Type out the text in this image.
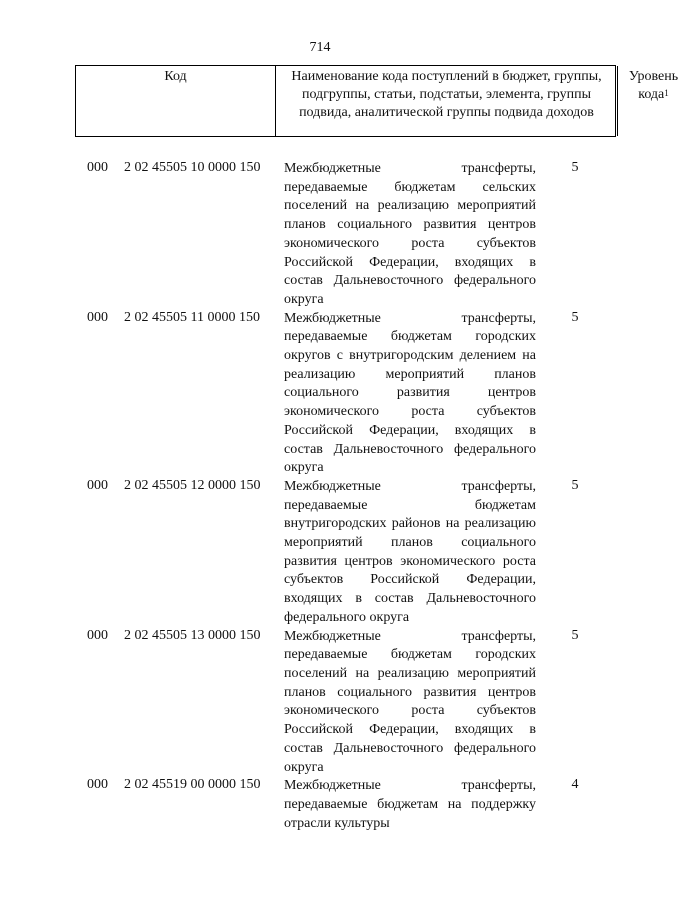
714
Код	Наименование кода поступлений в бюджет, группы, подгруппы, статьи, подстатьи, элемента, группы подвида, аналитической группы подвида доходов
Уровень кода$^1$
000 2 02 45505 10 0000 150 Межбюджетные трансферты, передаваемые бюджетам сельских поселений на реализацию мероприятий планов социального развития центров экономического роста субъектов Российской Федерации, входящих в состав Дальневосточного федерального округа
5
000 2 02 45505 11 0000 150 Межбюджетные трансферты, передаваемые бюджетам городских округов с внутригородским делением на реализацию мероприятий планов социального развития центров экономического роста субъектов Российской Федерации, входящих в состав Дальневосточного федерального округа
5
000 2 02 45505 12 0000 150 Межбюджетные трансферты, передаваемые бюджетам внутригородских районов на реализацию мероприятий планов социального развития центров экономического роста субъектов Российской Федерации, входящих в состав Дальневосточного федерального округа
5
000 2 02 45505 13 0000 150 Межбюджетные трансферты, передаваемые бюджетам городских поселений на реализацию мероприятий планов социального развития центров экономического роста субъектов Российской Федерации, входящих в состав Дальневосточного федерального округа
5
000 2 02 45519 00 0000 150 Межбюджетные трансферты, передаваемые бюджетам на поддержку отрасли культуры
4
